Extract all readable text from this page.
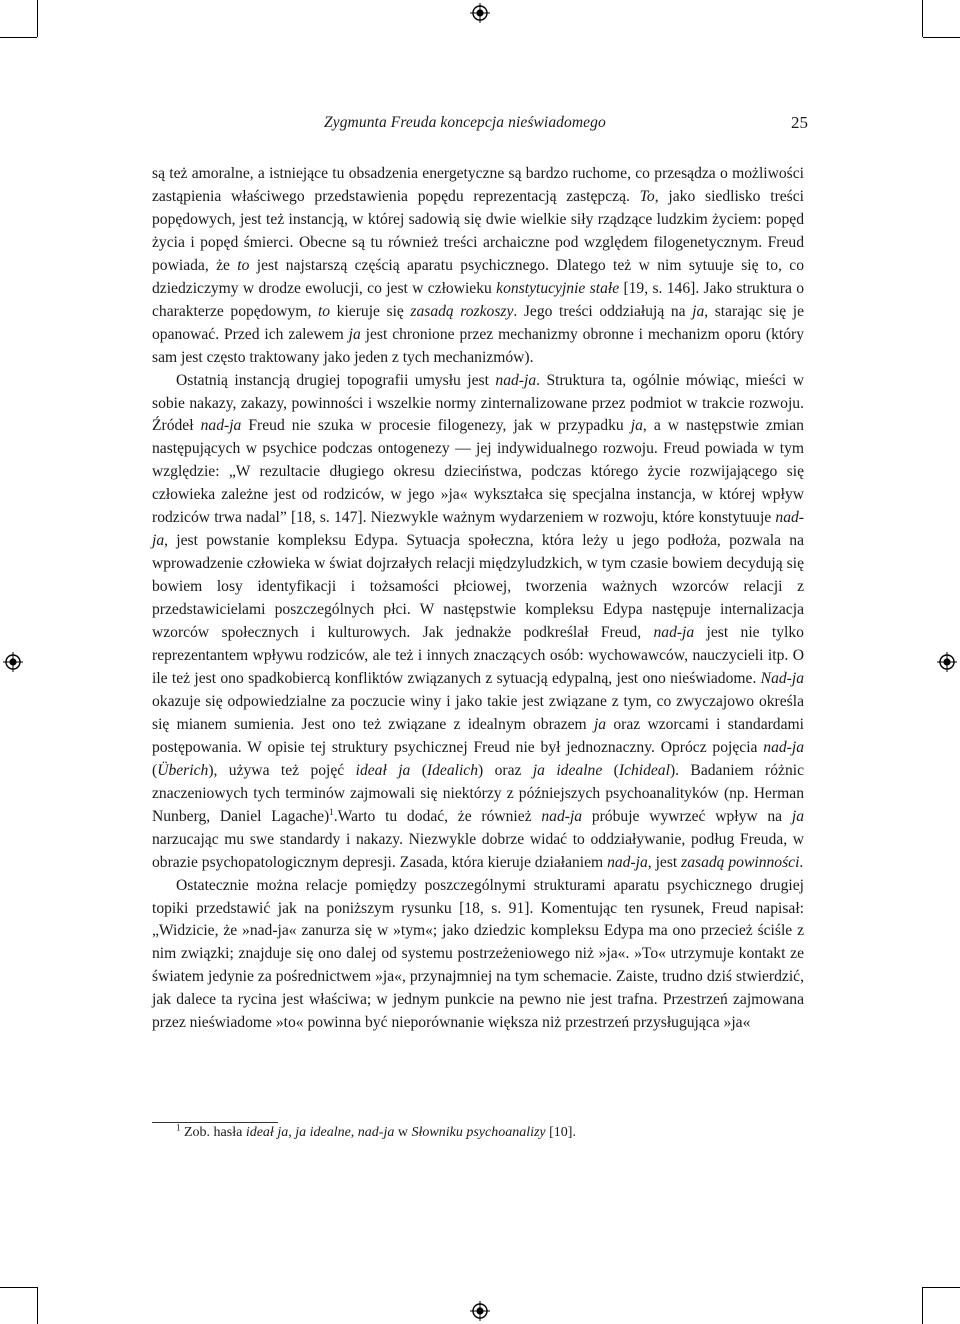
Zygmunta Freuda koncepcja nieświadomego	25

są też amoralne, a istniejące tu obsadzenia energetyczne są bardzo ruchome, co przesądza o możliwości zastąpienia właściwego przedstawienia popędu reprezentacją zastępczą. To, jako siedlisko treści popędowych, jest też instancją, w której sadowią się dwie wielkie siły rządzące ludzkim życiem: popęd życia i popęd śmierci. Obecne są tu również treści archaiczne pod względem filogenetycznym. Freud powiada, że to jest najstarszą częścią aparatu psychicznego. Dlatego też w nim sytuuje się to, co dziedziczymy w drodze ewolucji, co jest w człowieku konstytucyjnie stałe [19, s. 146]. Jako struktura o charakterze popędowym, to kieruje się zasadą rozkoszy. Jego treści oddziałują na ja, starając się je opanować. Przed ich zalewem ja jest chronione przez mechanizmy obronne i mechanizm oporu (który sam jest często traktowany jako jeden z tych mechanizmów).

Ostatnią instancją drugiej topografii umysłu jest nad-ja. Struktura ta, ogólnie mówiąc, mieści w sobie nakazy, zakazy, powinności i wszelkie normy zinternalizowane przez podmiot w trakcie rozwoju. Źródeł nad-ja Freud nie szuka w procesie filogenezy, jak w przypadku ja, a w następstwie zmian następujących w psychice podczas ontogenezy — jej indywidualnego rozwoju. Freud powiada w tym względzie: „W rezultacie długiego okresu dzieciństwa, podczas którego życie rozwijającego się człowieka zależne jest od rodziców, w jego »ja« wykształca się specjalna instancja, w której wpływ rodziców trwa nadal” [18, s. 147]. Niezwykle ważnym wydarzeniem w rozwoju, które konstytuuje nad-ja, jest powstanie kompleksu Edypa. Sytuacja społeczna, która leży u jego podłoża, pozwala na wprowadzenie człowieka w świat dojrzałych relacji międzyludzkich, w tym czasie bowiem decydują się bowiem losy identyfikacji i tożsamości płciowej, tworzenia ważnych wzorców relacji z przedstawicielami poszczególnych płci. W następstwie kompleksu Edypa następuje internalizacja wzorców społecznych i kulturowych. Jak jednakże podkreślał Freud, nad-ja jest nie tylko reprezentantem wpływu rodziców, ale też i innych znaczących osób: wychowawców, nauczycieli itp. O ile też jest ono spadkobiercą konfliktów związanych z sytuacją edypalną, jest ono nieświadome. Nad-ja okazuje się odpowiedzialne za poczucie winy i jako takie jest związane z tym, co zwyczajowo określa się mianem sumienia. Jest ono też związane z idealnym obrazem ja oraz wzorcami i standardami postępowania. W opisie tej struktury psychicznej Freud nie był jednoznaczny. Oprócz pojęcia nad-ja (Überich), używa też pojęć ideał ja (Idealich) oraz ja idealne (Ichideal). Badaniem różnic znaczeniowych tych terminów zajmowali się niektórzy z późniejszych psychoanalityków (np. Herman Nunberg, Daniel Lagache)$^1$.Warto tu dodać, że również nad-ja próbuje wywrzeć wpływ na ja narzucając mu swe standardy i nakazy. Niezwykle dobrze widać to oddziaływanie, podług Freuda, w obrazie psychopatologicznym depresji. Zasada, która kieruje działaniem nad-ja, jest zasadą powinności.

Ostatecznie można relacje pomiędzy poszczególnymi strukturami aparatu psychicznego drugiej topiki przedstawić jak na poniższym rysunku [18, s. 91]. Komentując ten rysunek, Freud napisał: „Widzicie, że »nad-ja« zanurza się w »tym«; jako dziedzic kompleksu Edypa ma ono przecież ściśle z nim związki; znajduje się ono dalej od systemu postrzeżeniowego niż »ja«. »To« utrzymuje kontakt ze światem jedynie za pośrednictwem »ja«, przynajmniej na tym schemacie. Zaiste, trudno dziś stwierdzić, jak dalece ta rycina jest właściwa; w jednym punkcie na pewno nie jest trafna. Przestrzeń zajmowana przez nieświadome »to« powinna być nieporównanie większa niż przestrzeń przysługująca »ja«

$^1$ Zob. hasła ideał ja, ja idealne, nad-ja w Słowniku psychoanalizy [10].
